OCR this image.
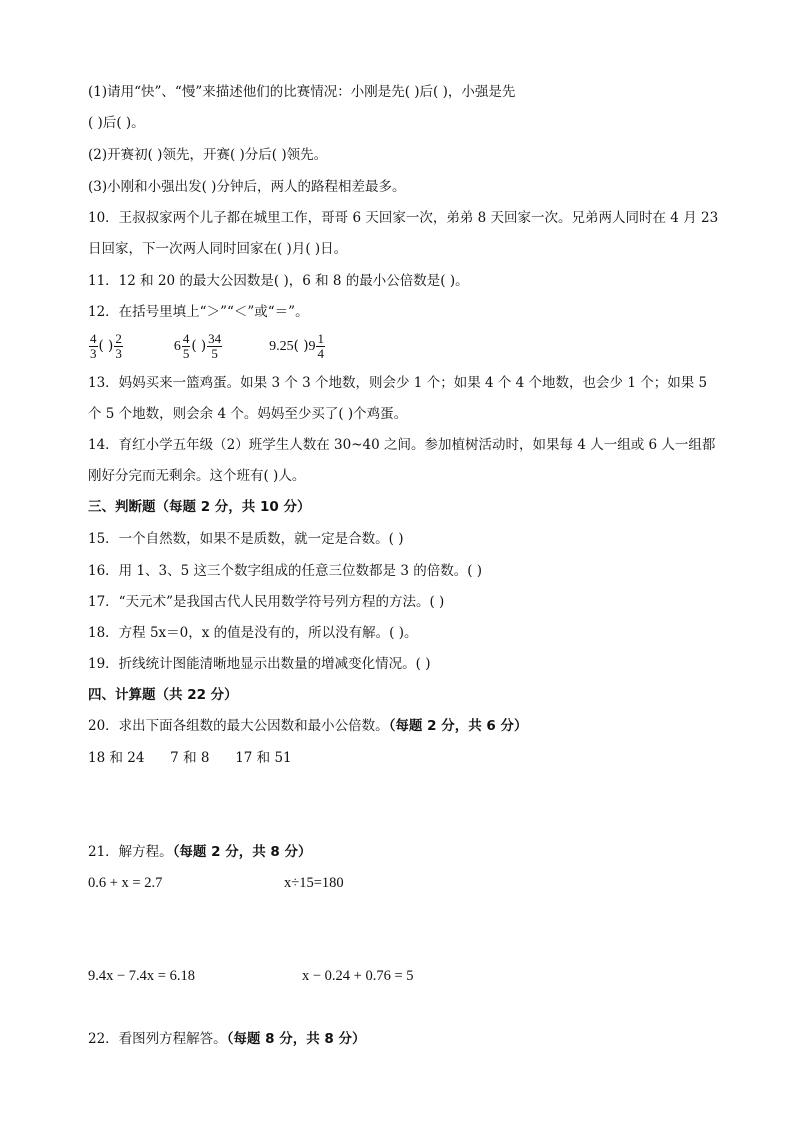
(1)请用“快”、“慢”来描述他们的比赛情况：小刚是先( )后( )，小强是先
( )后( )。
(2)开赛初( )领先，开赛( )分后( )领先。
(3)小刚和小强出发( )分钟后，两人的路程相差最多。
10．王叔叔家两个儿子都在城里工作，哥哥 6 天回家一次，弟弟 8 天回家一次。兄弟两人同时在 4 月 23
日回家，下一次两人同时回家在( )月( )日。
11．12 和 20 的最大公因数是( )，6 和 8 的最小公倍数是( )。
12．在括号里填上“＞”“＜”或“＝”。
$\frac{4}{3}$ ( ) $\frac{2}{3}$	$6 \frac{4}{5}$ ( ) $\frac{34}{5}$	9.25( )$9 \frac{1}{4}$
13．妈妈买来一篮鸡蛋。如果 3 个 3 个地数，则会少 1 个；如果 4 个 4 个地数，也会少 1 个；如果 5
个 5 个地数，则会余 4 个。妈妈至少买了( )个鸡蛋。
14．育红小学五年级（2）班学生人数在 30~40 之间。参加植树活动时，如果每 4 人一组或 6 人一组都
刚好分完而无剩余。这个班有( )人。
三、判断题（每题 2 分，共 10 分）
15．一个自然数，如果不是质数，就一定是合数。( )
16．用 1、3、5 这三个数字组成的任意三位数都是 3 的倍数。( )
17．“天元术”是我国古代人民用数学符号列方程的方法。( )
18．方程 5x＝0，x 的值是没有的，所以没有解。( )。
19．折线统计图能清晰地显示出数量的增减变化情况。( )
四、计算题（共 22 分）
20．求出下面各组数的最大公因数和最小公倍数。（每题 2 分，共 6 分）
18 和 24      7 和 8      17 和 51
21．解方程。（每题 2 分，共 8 分）
0.6 + x = 2.7	x÷15=180
9.4x − 7.4x = 6.18	x − 0.24 + 0.76 = 5
22．看图列方程解答。（每题 8 分，共 8 分）
